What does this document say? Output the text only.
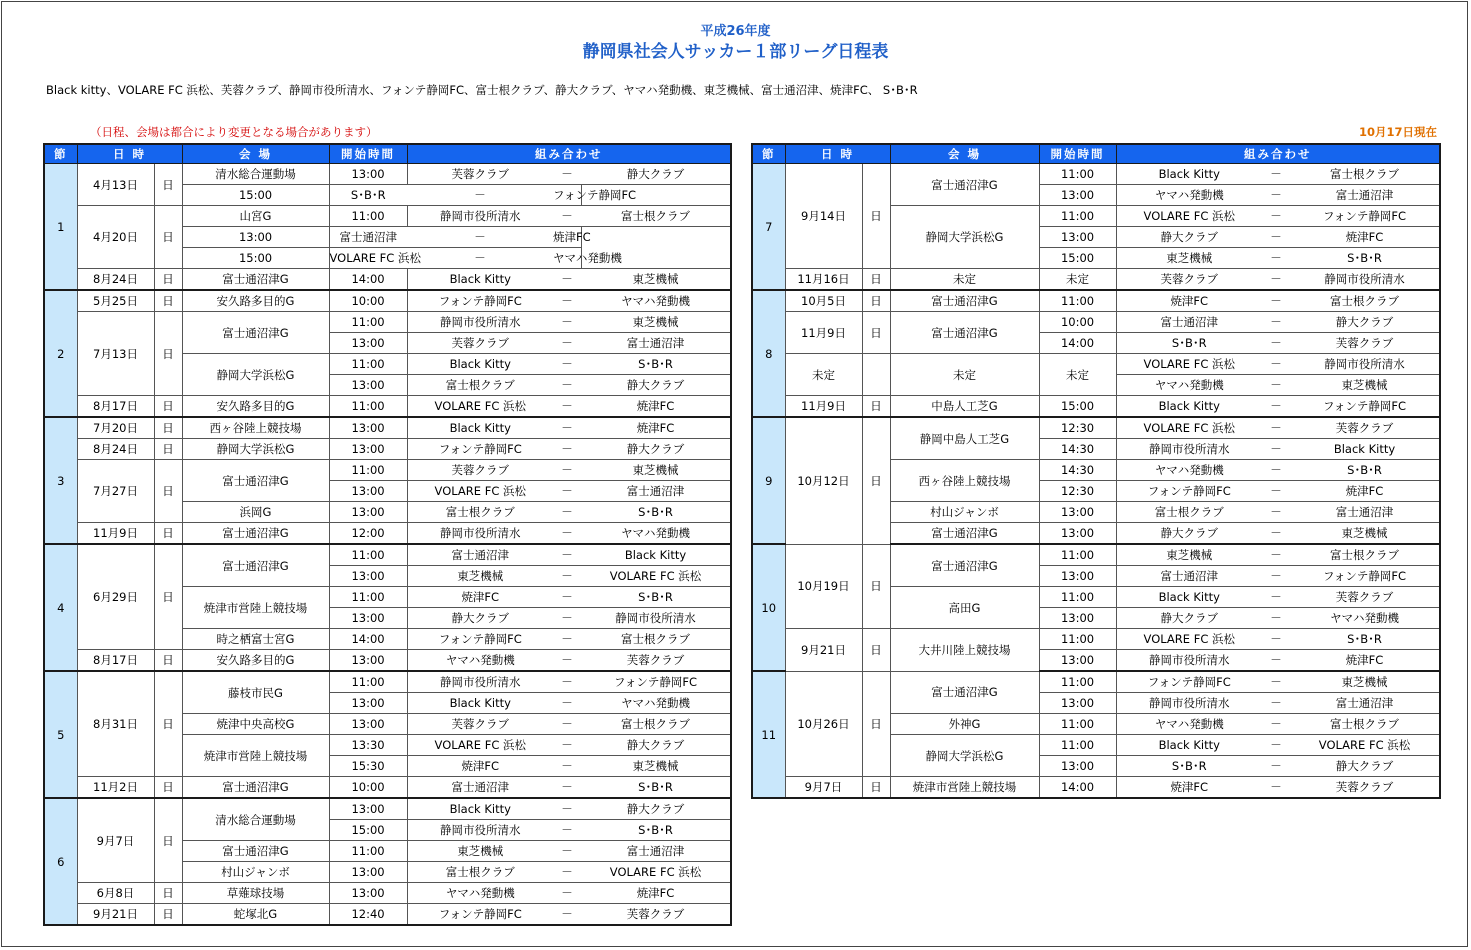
平成26年度
静岡県社会人サッカー１部リーグ日程表
Black kitty、VOLARE FC 浜松、芙蓉クラブ、静岡市役所清水、フォンテ静岡FC、富士根クラブ、静大クラブ、ヤマハ発動機、東芝機械、富士通沼津、焼津FC、 S･B･R
（日程、会場は都合により変更となる場合があります）	10月17日現在
節	日 時		会 場	開始時間	組み合わせ		
1	4月13日	日	清水総合運動場	13:00	芙蓉クラブ	－	静大クラブ
			15:00	S･B･R	－	フォンテ静岡FC	
	4月20日	日	山宮G	11:00	静岡市役所清水	－	富士根クラブ
			13:00	富士通沼津	－	焼津FC	
			15:00	VOLARE FC 浜松	－	ヤマハ発動機	
	8月24日	日	富士通沼津G	14:00	Black Kitty	－	東芝機械
2	5月25日	日	安久路多目的G	10:00	フォンテ静岡FC	－	ヤマハ発動機
	7月13日	日	富士通沼津G	11:00	静岡市役所清水	－	東芝機械
				13:00	芙蓉クラブ	－	富士通沼津
			静岡大学浜松G	11:00	Black Kitty	－	S･B･R
				13:00	富士根クラブ	－	静大クラブ
	8月17日	日	安久路多目的G	11:00	VOLARE FC 浜松	－	焼津FC
3	7月20日	日	西ヶ谷陸上競技場	13:00	Black Kitty	－	焼津FC
	8月24日	日	静岡大学浜松G	13:00	フォンテ静岡FC	－	静大クラブ
	7月27日	日	富士通沼津G	11:00	芙蓉クラブ	－	東芝機械
				13:00	VOLARE FC 浜松	－	富士通沼津
			浜岡G	13:00	富士根クラブ	－	S･B･R
	11月9日	日	富士通沼津G	12:00	静岡市役所清水	－	ヤマハ発動機
4	6月29日	日	富士通沼津G	11:00	富士通沼津	－	Black Kitty
				13:00	東芝機械	－	VOLARE FC 浜松
			焼津市営陸上競技場	11:00	焼津FC	－	S･B･R
				13:00	静大クラブ	－	静岡市役所清水
			時之栖富士宮G	14:00	フォンテ静岡FC	－	富士根クラブ
	8月17日	日	安久路多目的G	13:00	ヤマハ発動機	－	芙蓉クラブ
5	8月31日	日	藤枝市民G	11:00	静岡市役所清水	－	フォンテ静岡FC
				13:00	Black Kitty	－	ヤマハ発動機
			焼津中央高校G	13:00	芙蓉クラブ	－	富士根クラブ
			焼津市営陸上競技場	13:30	VOLARE FC 浜松	－	静大クラブ
				15:30	焼津FC	－	東芝機械
	11月2日	日	富士通沼津G	10:00	富士通沼津	－	S･B･R
6	9月7日	日	清水総合運動場	13:00	Black Kitty	－	静大クラブ
				15:00	静岡市役所清水	－	S･B･R
			富士通沼津G	11:00	東芝機械	－	富士通沼津
			村山ジャンボ	13:00	富士根クラブ	－	VOLARE FC 浜松
	6月8日	日	草薙球技場	13:00	ヤマハ発動機	－	焼津FC
	9月21日	日	蛇塚北G	12:40	フォンテ静岡FC	－	芙蓉クラブ
節	日 時		会 場	開始時間	組み合わせ		
7	9月14日	日	富士通沼津G	11:00	Black Kitty	－	富士根クラブ
				13:00	ヤマハ発動機	－	富士通沼津
			静岡大学浜松G	11:00	VOLARE FC 浜松	－	フォンテ静岡FC
				13:00	静大クラブ	－	焼津FC
				15:00	東芝機械	－	S･B･R
	11月16日	日	未定	未定	芙蓉クラブ	－	静岡市役所清水
8	10月5日	日	富士通沼津G	11:00	焼津FC	－	富士根クラブ
	11月9日	日	富士通沼津G	10:00	富士通沼津	－	静大クラブ
				14:00	S･B･R	－	芙蓉クラブ
	未定		未定	未定	VOLARE FC 浜松	－	静岡市役所清水
					ヤマハ発動機	－	東芝機械
	11月9日	日	中島人工芝G	15:00	Black Kitty	－	フォンテ静岡FC
9	10月12日	日	静岡中島人工芝G	12:30	VOLARE FC 浜松	－	芙蓉クラブ
				14:30	静岡市役所清水	－	Black Kitty
			西ヶ谷陸上競技場	14:30	ヤマハ発動機	－	S･B･R
				12:30	フォンテ静岡FC	－	焼津FC
			村山ジャンボ	13:00	富士根クラブ	－	富士通沼津
			富士通沼津G	13:00	静大クラブ	－	東芝機械
10	10月19日	日	富士通沼津G	11:00	東芝機械	－	富士根クラブ
				13:00	富士通沼津	－	フォンテ静岡FC
			高田G	11:00	Black Kitty	－	芙蓉クラブ
				13:00	静大クラブ	－	ヤマハ発動機
	9月21日	日	大井川陸上競技場	11:00	VOLARE FC 浜松	－	S･B･R
				13:00	静岡市役所清水	－	焼津FC
11	10月26日	日	富士通沼津G	11:00	フォンテ静岡FC	－	東芝機械
				13:00	静岡市役所清水	－	富士通沼津
			外神G	11:00	ヤマハ発動機	－	富士根クラブ
			静岡大学浜松G	11:00	Black Kitty	－	VOLARE FC 浜松
				13:00	S･B･R	－	静大クラブ
	9月7日	日	焼津市営陸上競技場	14:00	焼津FC	－	芙蓉クラブ
